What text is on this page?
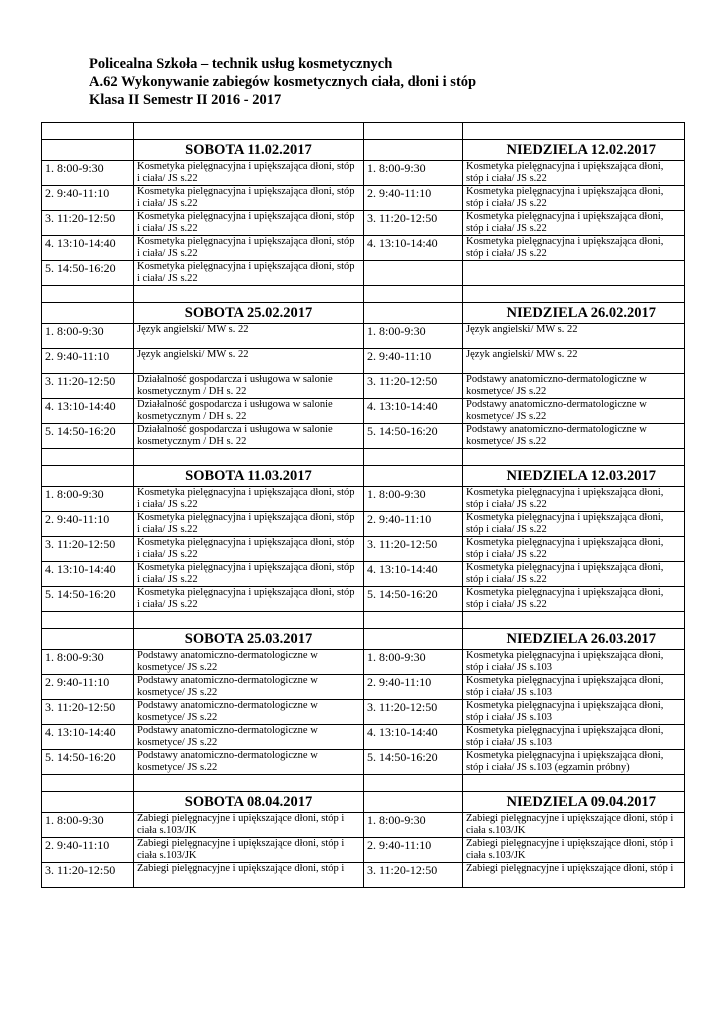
Policealna Szkoła – technik usług kosmetycznych
A.62 Wykonywanie zabiegów kosmetycznych ciała, dłoni i stóp
Klasa II Semestr II 2016 - 2017

	SOBOTA 11.02.2017		NIEDZIELA 12.02.2017
1. 8:00-9:30	Kosmetyka pielęgnacyjna i upiększająca dłoni, stóp i ciała/ JS s.22	1. 8:00-9:30	Kosmetyka pielęgnacyjna i upiększająca dłoni, stóp i ciała/ JS s.22
2. 9:40-11:10	Kosmetyka pielęgnacyjna i upiększająca dłoni, stóp i ciała/ JS s.22	2. 9:40-11:10	Kosmetyka pielęgnacyjna i upiększająca dłoni, stóp i ciała/ JS s.22
3. 11:20-12:50	Kosmetyka pielęgnacyjna i upiększająca dłoni, stóp i ciała/ JS s.22	3. 11:20-12:50	Kosmetyka pielęgnacyjna i upiększająca dłoni, stóp i ciała/ JS s.22
4. 13:10-14:40	Kosmetyka pielęgnacyjna i upiększająca dłoni, stóp i ciała/ JS s.22	4. 13:10-14:40	Kosmetyka pielęgnacyjna i upiększająca dłoni, stóp i ciała/ JS s.22
5. 14:50-16:20	Kosmetyka pielęgnacyjna i upiększająca dłoni, stóp i ciała/ JS s.22		

	SOBOTA 25.02.2017		NIEDZIELA 26.02.2017
1. 8:00-9:30	Język angielski/ MW s. 22	1. 8:00-9:30	Język angielski/ MW s. 22
2. 9:40-11:10	Język angielski/ MW s. 22	2. 9:40-11:10	Język angielski/ MW s. 22
3. 11:20-12:50	Działalność gospodarcza i usługowa w salonie kosmetycznym / DH s. 22	3. 11:20-12:50	Podstawy anatomiczno-dermatologiczne w kosmetyce/ JS s.22
4. 13:10-14:40	Działalność gospodarcza i usługowa w salonie kosmetycznym / DH s. 22	4. 13:10-14:40	Podstawy anatomiczno-dermatologiczne w kosmetyce/ JS s.22
5. 14:50-16:20	Działalność gospodarcza i usługowa w salonie kosmetycznym / DH s. 22	5. 14:50-16:20	Podstawy anatomiczno-dermatologiczne w kosmetyce/ JS s.22

	SOBOTA 11.03.2017		NIEDZIELA 12.03.2017
1. 8:00-9:30	Kosmetyka pielęgnacyjna i upiększająca dłoni, stóp i ciała/ JS s.22	1. 8:00-9:30	Kosmetyka pielęgnacyjna i upiększająca dłoni, stóp i ciała/ JS s.22
2. 9:40-11:10	Kosmetyka pielęgnacyjna i upiększająca dłoni, stóp i ciała/ JS s.22	2. 9:40-11:10	Kosmetyka pielęgnacyjna i upiększająca dłoni, stóp i ciała/ JS s.22
3. 11:20-12:50	Kosmetyka pielęgnacyjna i upiększająca dłoni, stóp i ciała/ JS s.22	3. 11:20-12:50	Kosmetyka pielęgnacyjna i upiększająca dłoni, stóp i ciała/ JS s.22
4. 13:10-14:40	Kosmetyka pielęgnacyjna i upiększająca dłoni, stóp i ciała/ JS s.22	4. 13:10-14:40	Kosmetyka pielęgnacyjna i upiększająca dłoni, stóp i ciała/ JS s.22
5. 14:50-16:20	Kosmetyka pielęgnacyjna i upiększająca dłoni, stóp i ciała/ JS s.22	5. 14:50-16:20	Kosmetyka pielęgnacyjna i upiększająca dłoni, stóp i ciała/ JS s.22

	SOBOTA 25.03.2017		NIEDZIELA 26.03.2017
1. 8:00-9:30	Podstawy anatomiczno-dermatologiczne w kosmetyce/ JS s.22	1. 8:00-9:30	Kosmetyka pielęgnacyjna i upiększająca dłoni, stóp i ciała/ JS s.103
2. 9:40-11:10	Podstawy anatomiczno-dermatologiczne w kosmetyce/ JS s.22	2. 9:40-11:10	Kosmetyka pielęgnacyjna i upiększająca dłoni, stóp i ciała/ JS s.103
3. 11:20-12:50	Podstawy anatomiczno-dermatologiczne w kosmetyce/ JS s.22	3. 11:20-12:50	Kosmetyka pielęgnacyjna i upiększająca dłoni, stóp i ciała/ JS s.103
4. 13:10-14:40	Podstawy anatomiczno-dermatologiczne w kosmetyce/ JS s.22	4. 13:10-14:40	Kosmetyka pielęgnacyjna i upiększająca dłoni, stóp i ciała/ JS s.103
5. 14:50-16:20	Podstawy anatomiczno-dermatologiczne w kosmetyce/ JS s.22	5. 14:50-16:20	Kosmetyka pielęgnacyjna i upiększająca dłoni, stóp i ciała/ JS s.103 (egzamin próbny)

	SOBOTA 08.04.2017		NIEDZIELA 09.04.2017
1. 8:00-9:30	Zabiegi pielęgnacyjne i upiększające dłoni, stóp i ciała s.103/JK	1. 8:00-9:30	Zabiegi pielęgnacyjne i upiększające dłoni, stóp i ciała s.103/JK
2. 9:40-11:10	Zabiegi pielęgnacyjne i upiększające dłoni, stóp i ciała s.103/JK	2. 9:40-11:10	Zabiegi pielęgnacyjne i upiększające dłoni, stóp i ciała s.103/JK
3. 11:20-12:50	Zabiegi pielęgnacyjne i upiększające dłoni, stóp i	3. 11:20-12:50	Zabiegi pielęgnacyjne i upiększające dłoni, stóp i
